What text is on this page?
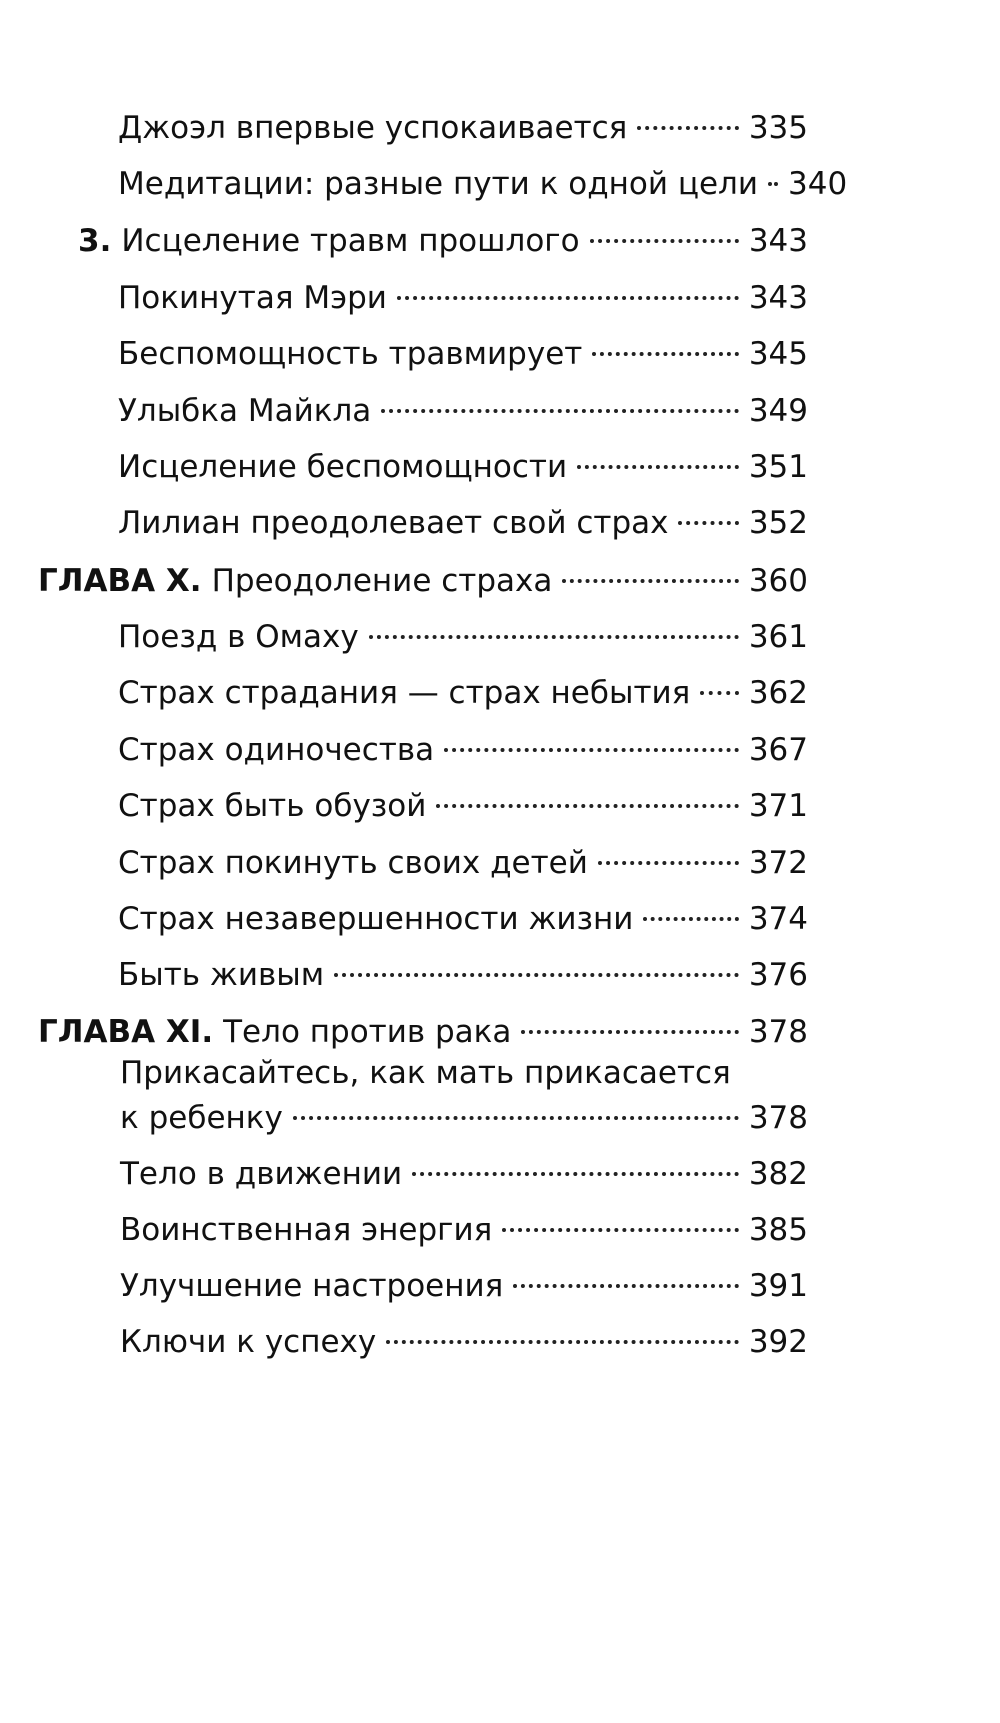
Джоэл впервые успокаивается	335
Медитации: разные пути к одной цели 340
3. Исцеление травм прошлого	343
Покинутая Мэри	343
Беспомощность травмирует	345
Улыбка Майкла	349
Исцеление беспомощности	351
Лилиан преодолевает свой страх	352
ГЛАВА X. Преодоление страха	360
Поезд в Омаху	361
Страх страдания — страх небытия 362
Страх одиночества	367
Страх быть обузой	371
Страх покинуть своих детей	372
Страх незавершенности жизни	374
Быть живым	376
ГЛАВА XI. Тело против рака	378
Прикасайтесь, как мать прикасается
к ребенку	378
Тело в движении	382
Воинственная энергия	385
Улучшение настроения	391
Ключи к успеху	392
